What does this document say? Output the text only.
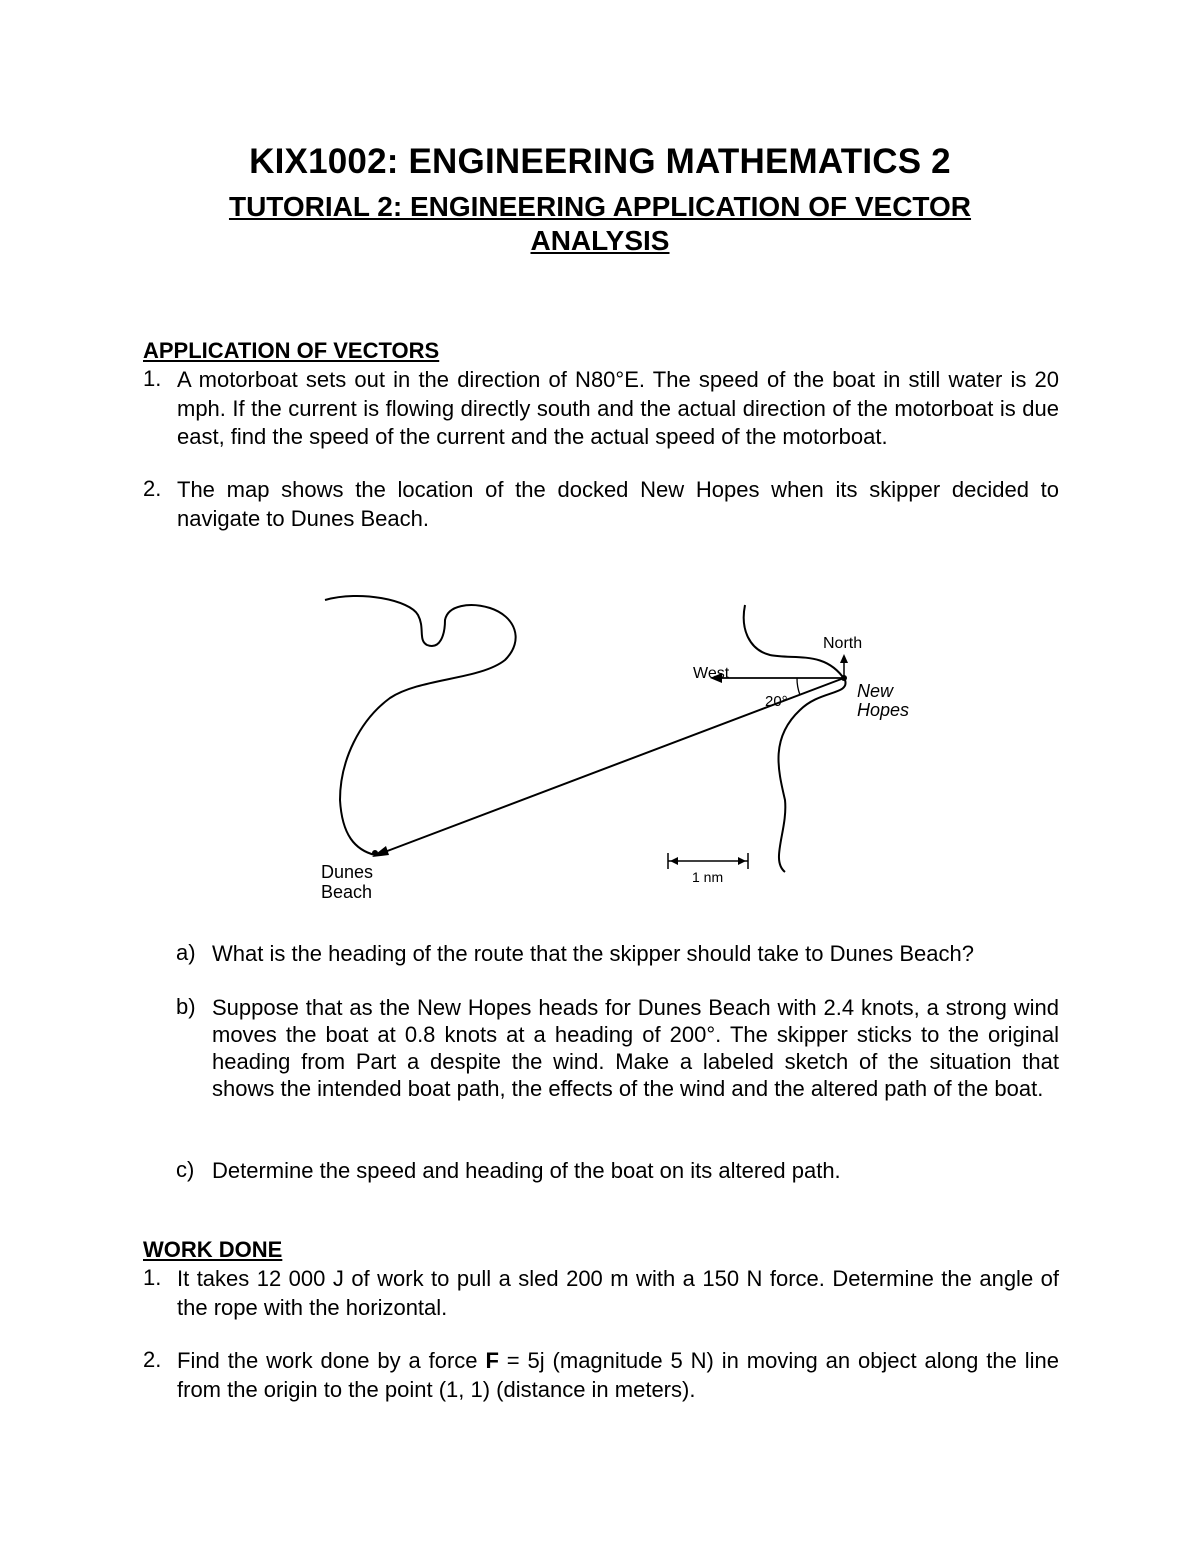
KIX1002: ENGINEERING MATHEMATICS 2
TUTORIAL 2: ENGINEERING APPLICATION OF VECTOR
ANALYSIS
APPLICATION OF VECTORS
1. A motorboat sets out in the direction of N80°E. The speed of the boat in still water is 20 mph. If the current is flowing directly south and the actual direction of the motorboat is due east, find the speed of the current and the actual speed of the motorboat.
2. The map shows the location of the docked New Hopes when its skipper decided to navigate to Dunes Beach.
North
West
20°
New
Hopes
Dunes
Beach
1 nm
a) What is the heading of the route that the skipper should take to Dunes Beach?
b) Suppose that as the New Hopes heads for Dunes Beach with 2.4 knots, a strong wind moves the boat at 0.8 knots at a heading of 200°. The skipper sticks to the original heading from Part a despite the wind. Make a labeled sketch of the situation that shows the intended boat path, the effects of the wind and the altered path of the boat.
c) Determine the speed and heading of the boat on its altered path.
WORK DONE
1. It takes 12 000 J of work to pull a sled 200 m with a 150 N force. Determine the angle of the rope with the horizontal.
2. Find the work done by a force F = 5j (magnitude 5 N) in moving an object along the line from the origin to the point (1, 1) (distance in meters).
